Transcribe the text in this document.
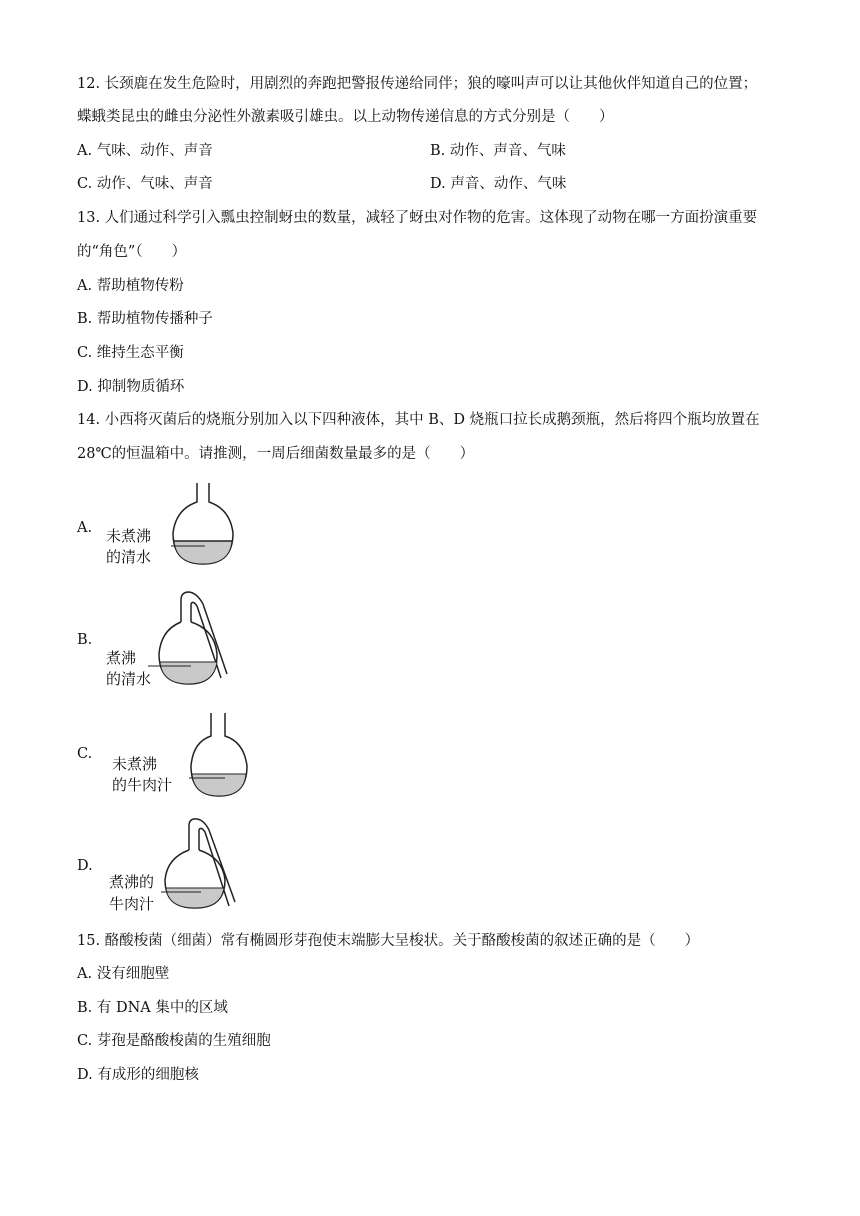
12. 长颈鹿在发生危险时，用剧烈的奔跑把警报传递给同伴；狼的嚎叫声可以让其他伙伴知道自己的位置；
蝶蛾类昆虫的雌虫分泌性外激素吸引雄虫。以上动物传递信息的方式分别是（　　）
A. 气味、动作、声音	B. 动作、声音、气味
C. 动作、气味、声音	D. 声音、动作、气味
13. 人们通过科学引入瓢虫控制蚜虫的数量，减轻了蚜虫对作物的危害。这体现了动物在哪一方面扮演重要
的“角色”（　　）
A. 帮助植物传粉
B. 帮助植物传播种子
C. 维持生态平衡
D. 抑制物质循环
14. 小西将灭菌后的烧瓶分别加入以下四种液体，其中 B、D 烧瓶口拉长成鹅颈瓶，然后将四个瓶均放置在
28℃的恒温箱中。请推测，一周后细菌数量最多的是（　　）
A. 未煮沸
的清水
B.
煮沸
的清水
C.
未煮沸
的牛肉汁
D.
煮沸的
牛肉汁
15. 酪酸梭菌（细菌）常有椭圆形芽孢使末端膨大呈梭状。关于酪酸梭菌的叙述正确的是（　　）
A. 没有细胞壁
B. 有 DNA 集中的区域
C. 芽孢是酪酸梭菌的生殖细胞
D. 有成形的细胞核
